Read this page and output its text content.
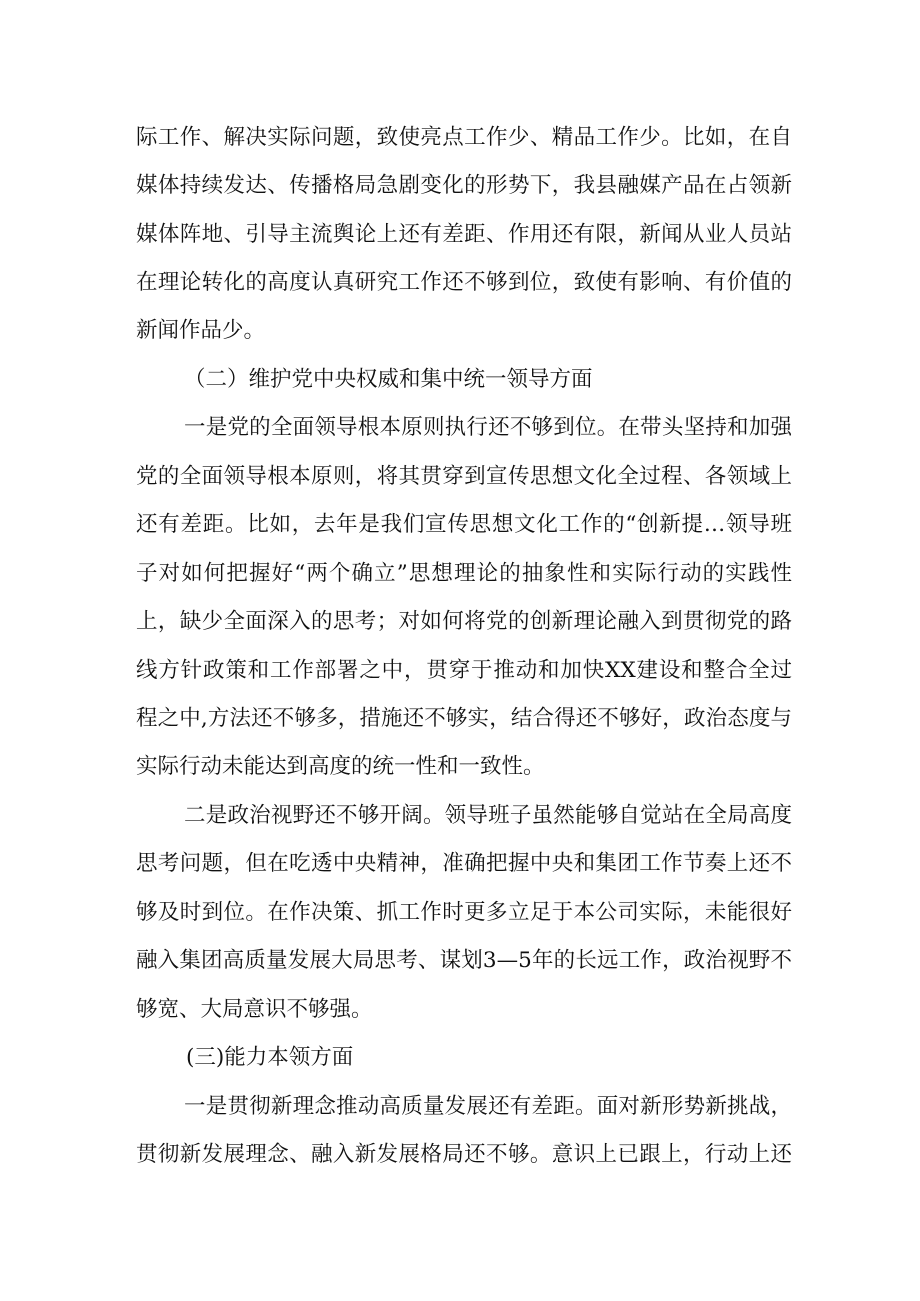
际工作、解决实际问题，致使亮点工作少、精品工作少。比如，在自
媒体持续发达、传播格局急剧变化的形势下，我县融媒产品在占领新
媒体阵地、引导主流舆论上还有差距、作用还有限，新闻从业人员站
在理论转化的高度认真研究工作还不够到位，致使有影响、有价值的
新闻作品少。
（二）维护党中央权威和集中统一领导方面
一是党的全面领导根本原则执行还不够到位。在带头坚持和加强
党的全面领导根本原则，将其贯穿到宣传思想文化全过程、各领域上
还有差距。比如，去年是我们宣传思想文化工作的“创新提…领导班
子对如何把握好“两个确立”思想理论的抽象性和实际行动的实践性
上，缺少全面深入的思考；对如何将党的创新理论融入到贯彻党的路
线方针政策和工作部署之中，贯穿于推动和加快XX建设和整合全过
程之中,方法还不够多，措施还不够实，结合得还不够好，政治态度与
实际行动未能达到高度的统一性和一致性。
二是政治视野还不够开阔。领导班子虽然能够自觉站在全局高度
思考问题，但在吃透中央精神，准确把握中央和集团工作节奏上还不
够及时到位。在作决策、抓工作时更多立足于本公司实际，未能很好
融入集团高质量发展大局思考、谋划3—5年的长远工作，政治视野不
够宽、大局意识不够强。
(三)能力本领方面
一是贯彻新理念推动高质量发展还有差距。面对新形势新挑战，
贯彻新发展理念、融入新发展格局还不够。意识上已跟上，行动上还
